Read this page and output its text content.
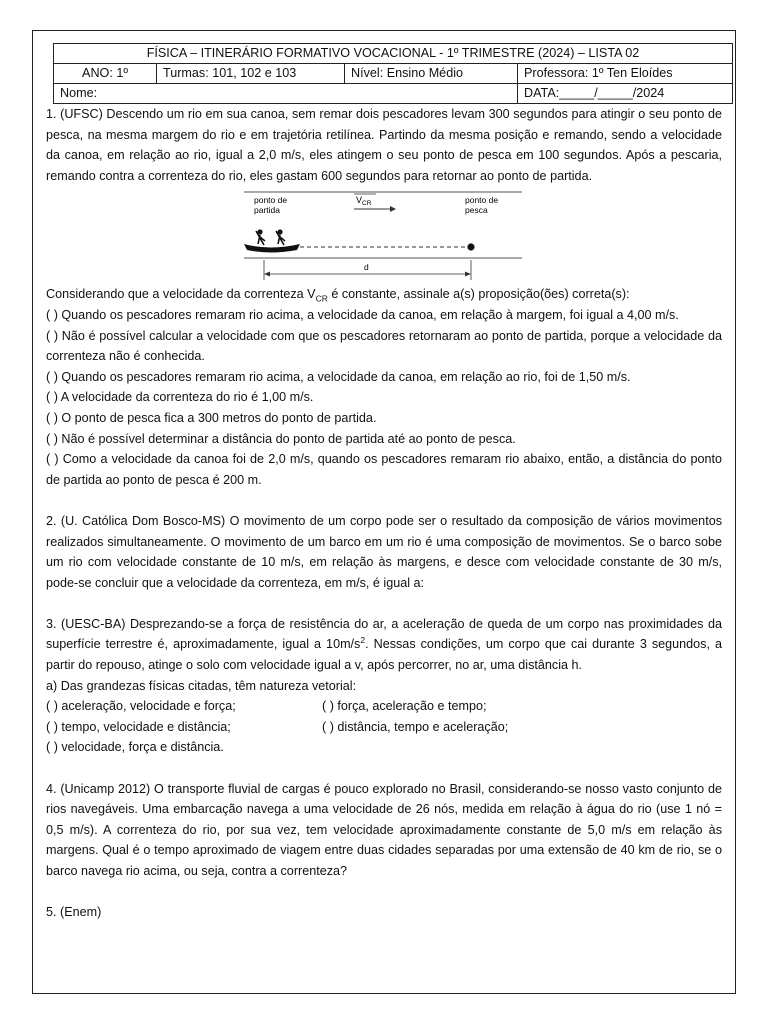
FÍSICA – ITINERÁRIO FORMATIVO VOCACIONAL - 1º TRIMESTRE (2024) – LISTA 02			
ANO: 1º	Turmas: 101, 102 e 103	Nível: Ensino Médio	Professora: 1º Ten Eloídes
Nome:			DATA:_____/_____/2024

1. (UFSC) Descendo um rio em sua canoa, sem remar dois pescadores levam 300 segundos para atingir o seu ponto de pesca, na mesma margem do rio e em trajetória retilínea. Partindo da mesma posição e remando, sendo a velocidade da canoa, em relação ao rio, igual a 2,0 m/s, eles atingem o seu ponto de pesca em 100 segundos. Após a pescaria, remando contra a correnteza do rio, eles gastam 600 segundos para retornar ao ponto de partida.

ponto de
partida
$V_{CR}$	ponto de
pesca
d

Considerando que a velocidade da correnteza $V_{CR}$ é constante, assinale a(s) proposição(ões) correta(s):

( ) Quando os pescadores remaram rio acima, a velocidade da canoa, em relação à margem, foi igual a 4,00 m/s.

( ) Não é possível calcular a velocidade com que os pescadores retornaram ao ponto de partida, porque a velocidade da correnteza não é conhecida.

( ) Quando os pescadores remaram rio acima, a velocidade da canoa, em relação ao rio, foi de 1,50 m/s.

( ) A velocidade da correnteza do rio é 1,00 m/s.

( ) O ponto de pesca fica a 300 metros do ponto de partida.

( ) Não é possível determinar a distância do ponto de partida até ao ponto de pesca.

( ) Como a velocidade da canoa foi de 2,0 m/s, quando os pescadores remaram rio abaixo, então, a distância do ponto de partida ao ponto de pesca é 200 m.

2. (U. Católica Dom Bosco-MS) O movimento de um corpo pode ser o resultado da composição de vários movimentos realizados simultaneamente. O movimento de um barco em um rio é uma composição de movimentos. Se o barco sobe um rio com velocidade constante de 10 m/s, em relação às margens, e desce com velocidade constante de 30 m/s, pode-se concluir que a velocidade da correnteza, em m/s, é igual a:

3. (UESC-BA) Desprezando-se a força de resistência do ar, a aceleração de queda de um corpo nas proximidades da superfície terrestre é, aproximadamente, igual a $10m/s^2$. Nessas condições, um corpo que cai durante 3 segundos, a partir do repouso, atinge o solo com velocidade igual a v, após percorrer, no ar, uma distância h.

a) Das grandezas físicas citadas, têm natureza vetorial:

( ) aceleração, velocidade e força;	( ) força, aceleração e tempo;
( ) tempo, velocidade e distância;	( ) distância, tempo e aceleração;

( ) velocidade, força e distância.

4. (Unicamp 2012) O transporte fluvial de cargas é pouco explorado no Brasil, considerando-se nosso vasto conjunto de rios navegáveis. Uma embarcação navega a uma velocidade de 26 nós, medida em relação à água do rio (use 1 nó = 0,5 m/s). A correnteza do rio, por sua vez, tem velocidade aproximadamente constante de 5,0 m/s em relação às margens. Qual é o tempo aproximado de viagem entre duas cidades separadas por uma extensão de 40 km de rio, se o barco navega rio acima, ou seja, contra a correnteza?

5. (Enem)
